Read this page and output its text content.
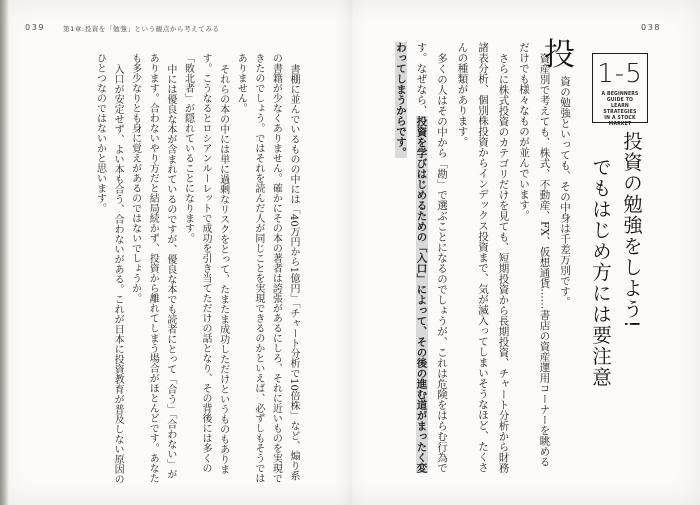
039	第1章:投資を「勉強」という観点から考えてみる

書棚に並んでいるものの中には「40万円から1億円」「チャート分析で10倍株」など、煽り系の書籍が少なくありません。確かにその本の著者は誇張があるにしろ、それに近いものを実現できたのでしょう。ではそれを読んだ人が同じことを実現できるのかといえば、必ずしもそうではありません。

それらの本の中には単に過剰なリスクをとって、たまたま成功しただけというものもあります。こうなるとロシアンルーレットで成功を引き当てただけの話となり、その背後には多くの「敗北者」が隠れていることになります。

中には優良な本が含まれているのですが、優良な本でも読者にとって「合う」「合わない」があります。合わないやり方だと結局続かず、投資から離れてしまう場合がほとんどです。あなたも多少なりとも身に覚えがあるのではないでしょうか。

入口が安定せず、よい本も合う、合わないがある。これが日本に投資教育が普及しない原因のひとつなのではないかと思います。

038
1-5
A BEGINNERS GUIDE TO
LEARN STRATEGIES
IN A STOCK MARKET
投資の勉強をしよう!
でもはじめ方には要注意
投

資の勉強といっても、その中身は千差万別です。

資産別で考えても、株式、不動産、FX、仮想通貨……書店の資産運用コーナーを眺めるだけでも様々なものが並んでいます。

さらに株式投資のカテゴリだけを見ても、短期投資から長期投資、チャート分析から財務諸表分析、個別株投資からインデックス投資まで、気が滅入ってしまいそうなほど、たくさんの種類があります。

多くの人はその中から「勘」で選ぶことになるのでしょうが、これは危険をはらむ行為です。なぜなら、投資を学びはじめるための「入口」によって、その後の進む道がまったく変わってしまうからです。
